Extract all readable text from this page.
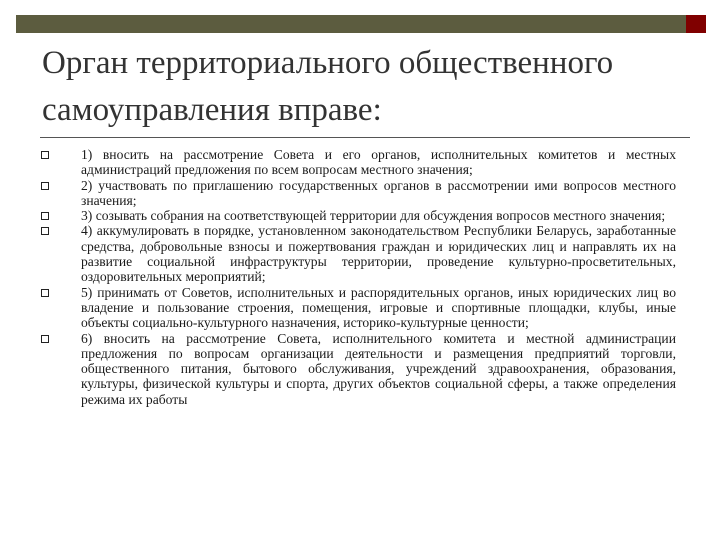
Орган территориального общественного самоуправления вправе:
1) вносить на рассмотрение Совета и его органов, исполнительных комитетов и местных администраций предложения по всем вопросам местного значения;
2) участвовать по приглашению государственных органов в рассмотрении ими вопросов местного значения;
3) созывать собрания на соответствующей территории для обсуждения вопросов местного значения;
4) аккумулировать в порядке, установленном законодательством Республики Беларусь, заработанные средства, добровольные взносы и пожертвования граждан и юридических лиц и направлять их на развитие социальной инфраструктуры территории, проведение культурно-просветительных, оздоровительных мероприятий;
5) принимать от Советов, исполнительных и распорядительных органов, иных юридических лиц во владение и пользование строения, помещения, игровые и спортивные площадки, клубы, иные объекты социально-культурного назначения, историко-культурные ценности;
6) вносить на рассмотрение Совета, исполнительного комитета и местной администрации предложения по вопросам организации деятельности и размещения предприятий торговли, общественного питания, бытового обслуживания, учреждений здравоохранения, образования, культуры, физической культуры и спорта, других объектов социальной сферы, а также определения режима их работы
